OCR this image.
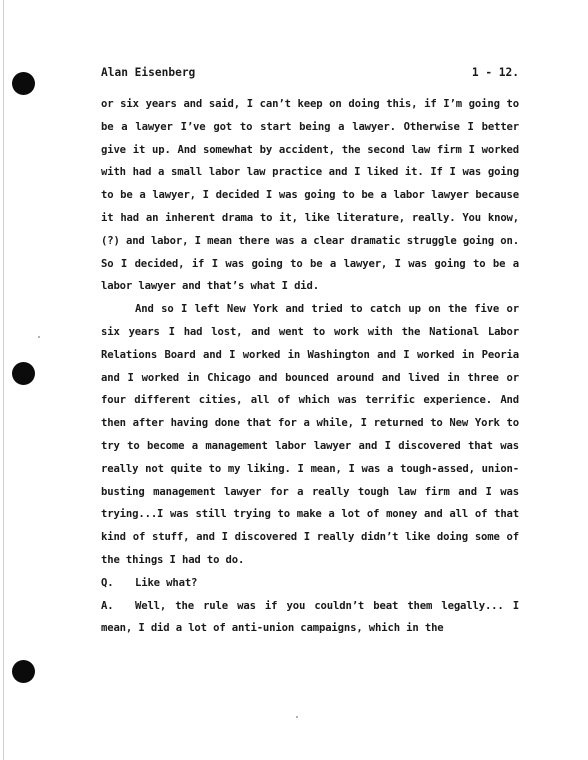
Alan Eisenberg	1 - 12.

or six years and said, I can’t keep on doing this, if I’m going to be a lawyer I’ve got to start being a lawyer. Otherwise I better give it up. And somewhat by accident, the second law firm I worked with had a small labor law practice and I liked it. If I was going to be a lawyer, I decided I was going to be a labor lawyer because it had an inherent drama to it, like literature, really. You know, (?) and labor, I mean there was a clear dramatic struggle going on. So I decided, if I was going to be a lawyer, I was going to be a labor lawyer and that’s what I did.

And so I left New York and tried to catch up on the five or six years I had lost, and went to work with the National Labor Relations Board and I worked in Washington and I worked in Peoria and I worked in Chicago and bounced around and lived in three or four different cities, all of which was terrific experience. And then after having done that for a while, I returned to New York to try to become a management labor lawyer and I discovered that was really not quite to my liking. I mean, I was a tough-assed, union-busting management lawyer for a really tough law firm and I was trying...I was still trying to make a lot of money and all of that kind of stuff, and I discovered I really didn’t like doing some of the things I had to do.

Q. Like what?

A. Well, the rule was if you couldn’t beat them legally... I mean, I did a lot of anti-union campaigns, which in the
